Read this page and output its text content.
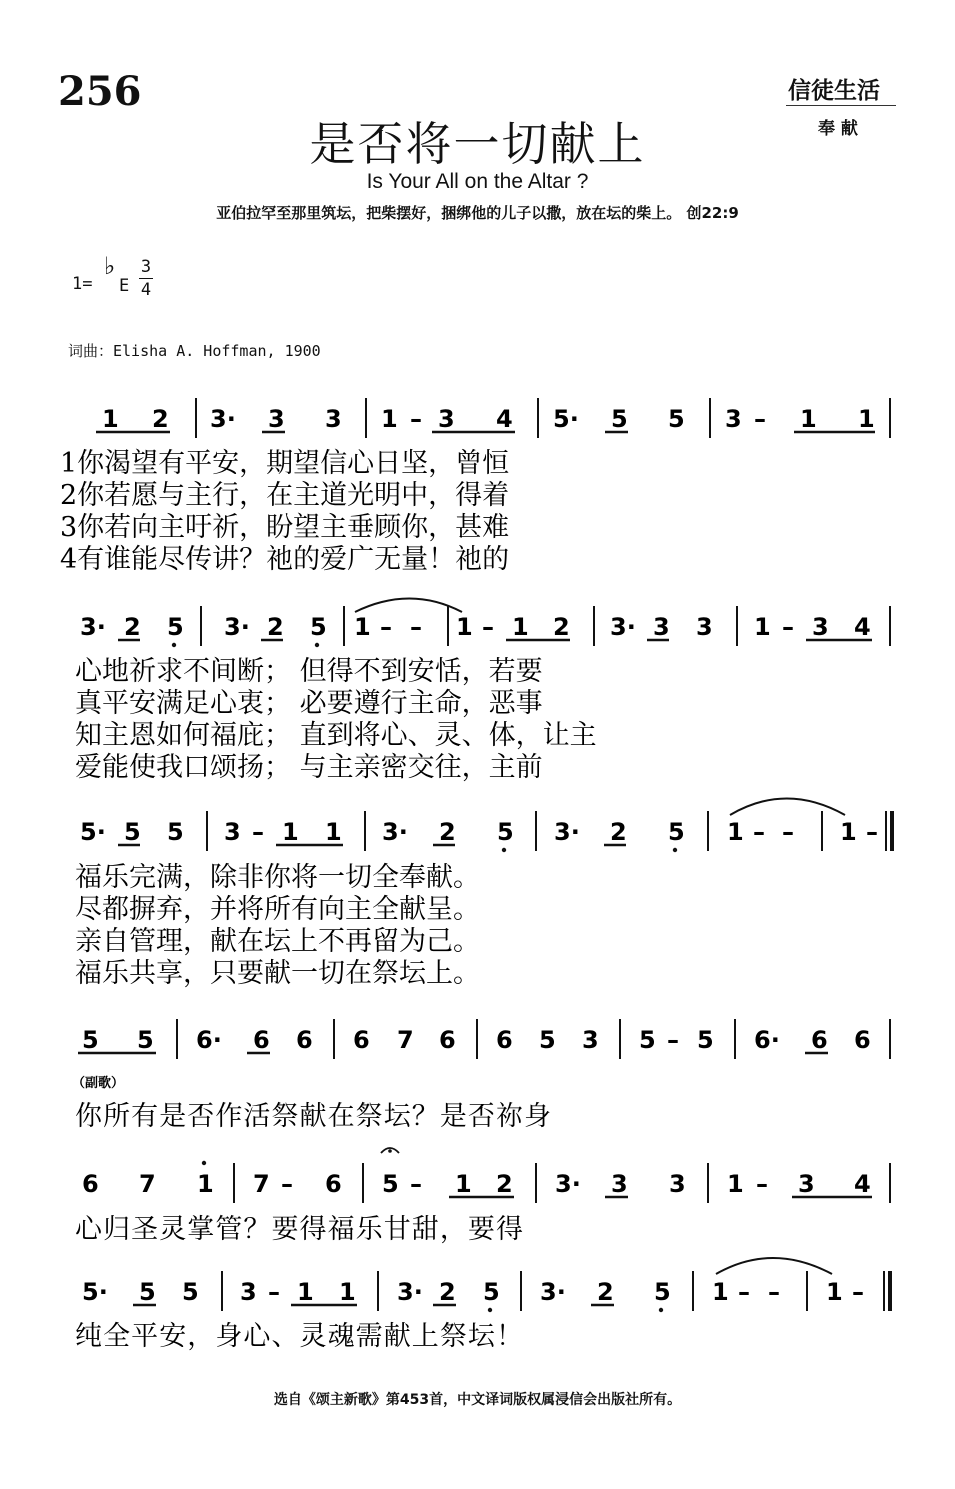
256	信徒生活
奉 献
是否将一切献上
Is Your All on the Altar ?
亚伯拉罕至那里筑坛，把柴摆好，捆绑他的儿子以撒，放在坛的柴上。 创22:9
1=
♭
E
3
4
词曲：Elisha A. Hoffman, 1900
1 2 3· 3 3 1 – 3 4 5· 5 5 3 – 1 1
1你渴望有平安，期望信心日坚，曾恒
2你若愿与主行，在主道光明中，得着
3你若向主吁祈，盼望主垂顾你，甚难
4有谁能尽传讲？祂的爱广无量！祂的
3· 2 5 3· 2 5 1 – – 1 – 1 2 3· 3 3 1 – 3 4
心地祈求不间断； 但得不到安恬，若要
真平安满足心衷； 必要遵行主命，恶事
知主恩如何福庇； 直到将心、灵、体，让主
爱能使我口颂扬； 与主亲密交往，主前
5· 5 5 3 – 1 1 3· 2 5 3· 2 5 1 – – 1 –
福乐完满，除非你将一切全奉献。
尽都摒弃，并将所有向主全献呈。
亲自管理，献在坛上不再留为己。
福乐共享，只要献一切在祭坛上。
5 5 6· 6 6 6 7 6 6 5 3 5 – 5 6· 6 6
（副歌）
你所有是否作活祭献在祭坛？是否祢身
6 7 1 7 – 6 5 – 1 2 3· 3 3 1 – 3 4
心归圣灵掌管？要得福乐甘甜，要得
5· 5 5 3 – 1 1 3· 2 5 3· 2 5 1 – – 1 –
纯全平安，身心、灵魂需献上祭坛！
选自《颂主新歌》第453首，中文译词版权属浸信会出版社所有。
